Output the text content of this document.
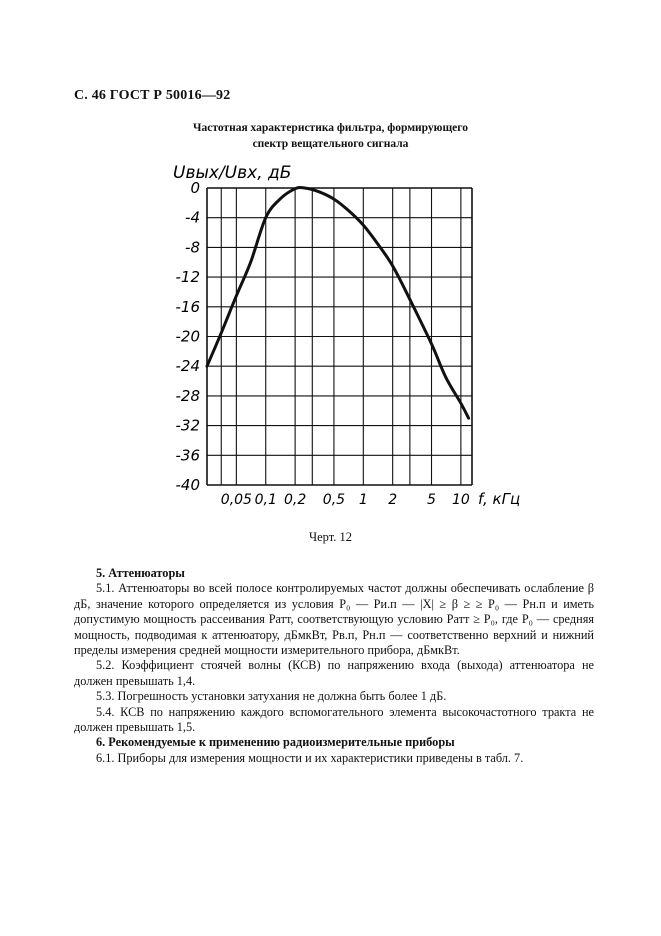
С. 46 ГОСТ Р 50016—92
Частотная характеристика фильтра, формирующего
спектр вещательного сигнала
Uвых/Uвх, дБ
0
-4
-8
-12
-16
-20
-24
-28
-32
-36
-40
0,05 0,1 0,2 0,5 1 2 5 10 f, кГц
Черт. 12
5. Аттенюаторы

5.1. Аттенюаторы во всей полосе контролируемых частот должны обеспечивать ослабление β дБ, значение которого определяется из условия P₀ — Pи.п — |X| ≥ β ≥ ≥ P₀ — Pн.п и иметь допустимую мощность рассеивания Pатт, соответствующую условию Pатт ≥ P₀, где P₀ — средняя мощность, подводимая к аттенюатору, дБмкВт, Pв.п, Pн.п — соответственно верхний и нижний пределы измерения средней мощности измерительного прибора, дБмкВт.

5.2. Коэффициент стоячей волны (КСВ) по напряжению входа (выхода) аттенюатора не должен превышать 1,4.

5.3. Погрешность установки затухания не должна быть более 1 дБ.

5.4. КСВ по напряжению каждого вспомогательного элемента высокочастотного тракта не должен превышать 1,5.

6. Рекомендуемые к применению радиоизмерительные приборы

6.1. Приборы для измерения мощности и их характеристики приведены в табл. 7.
